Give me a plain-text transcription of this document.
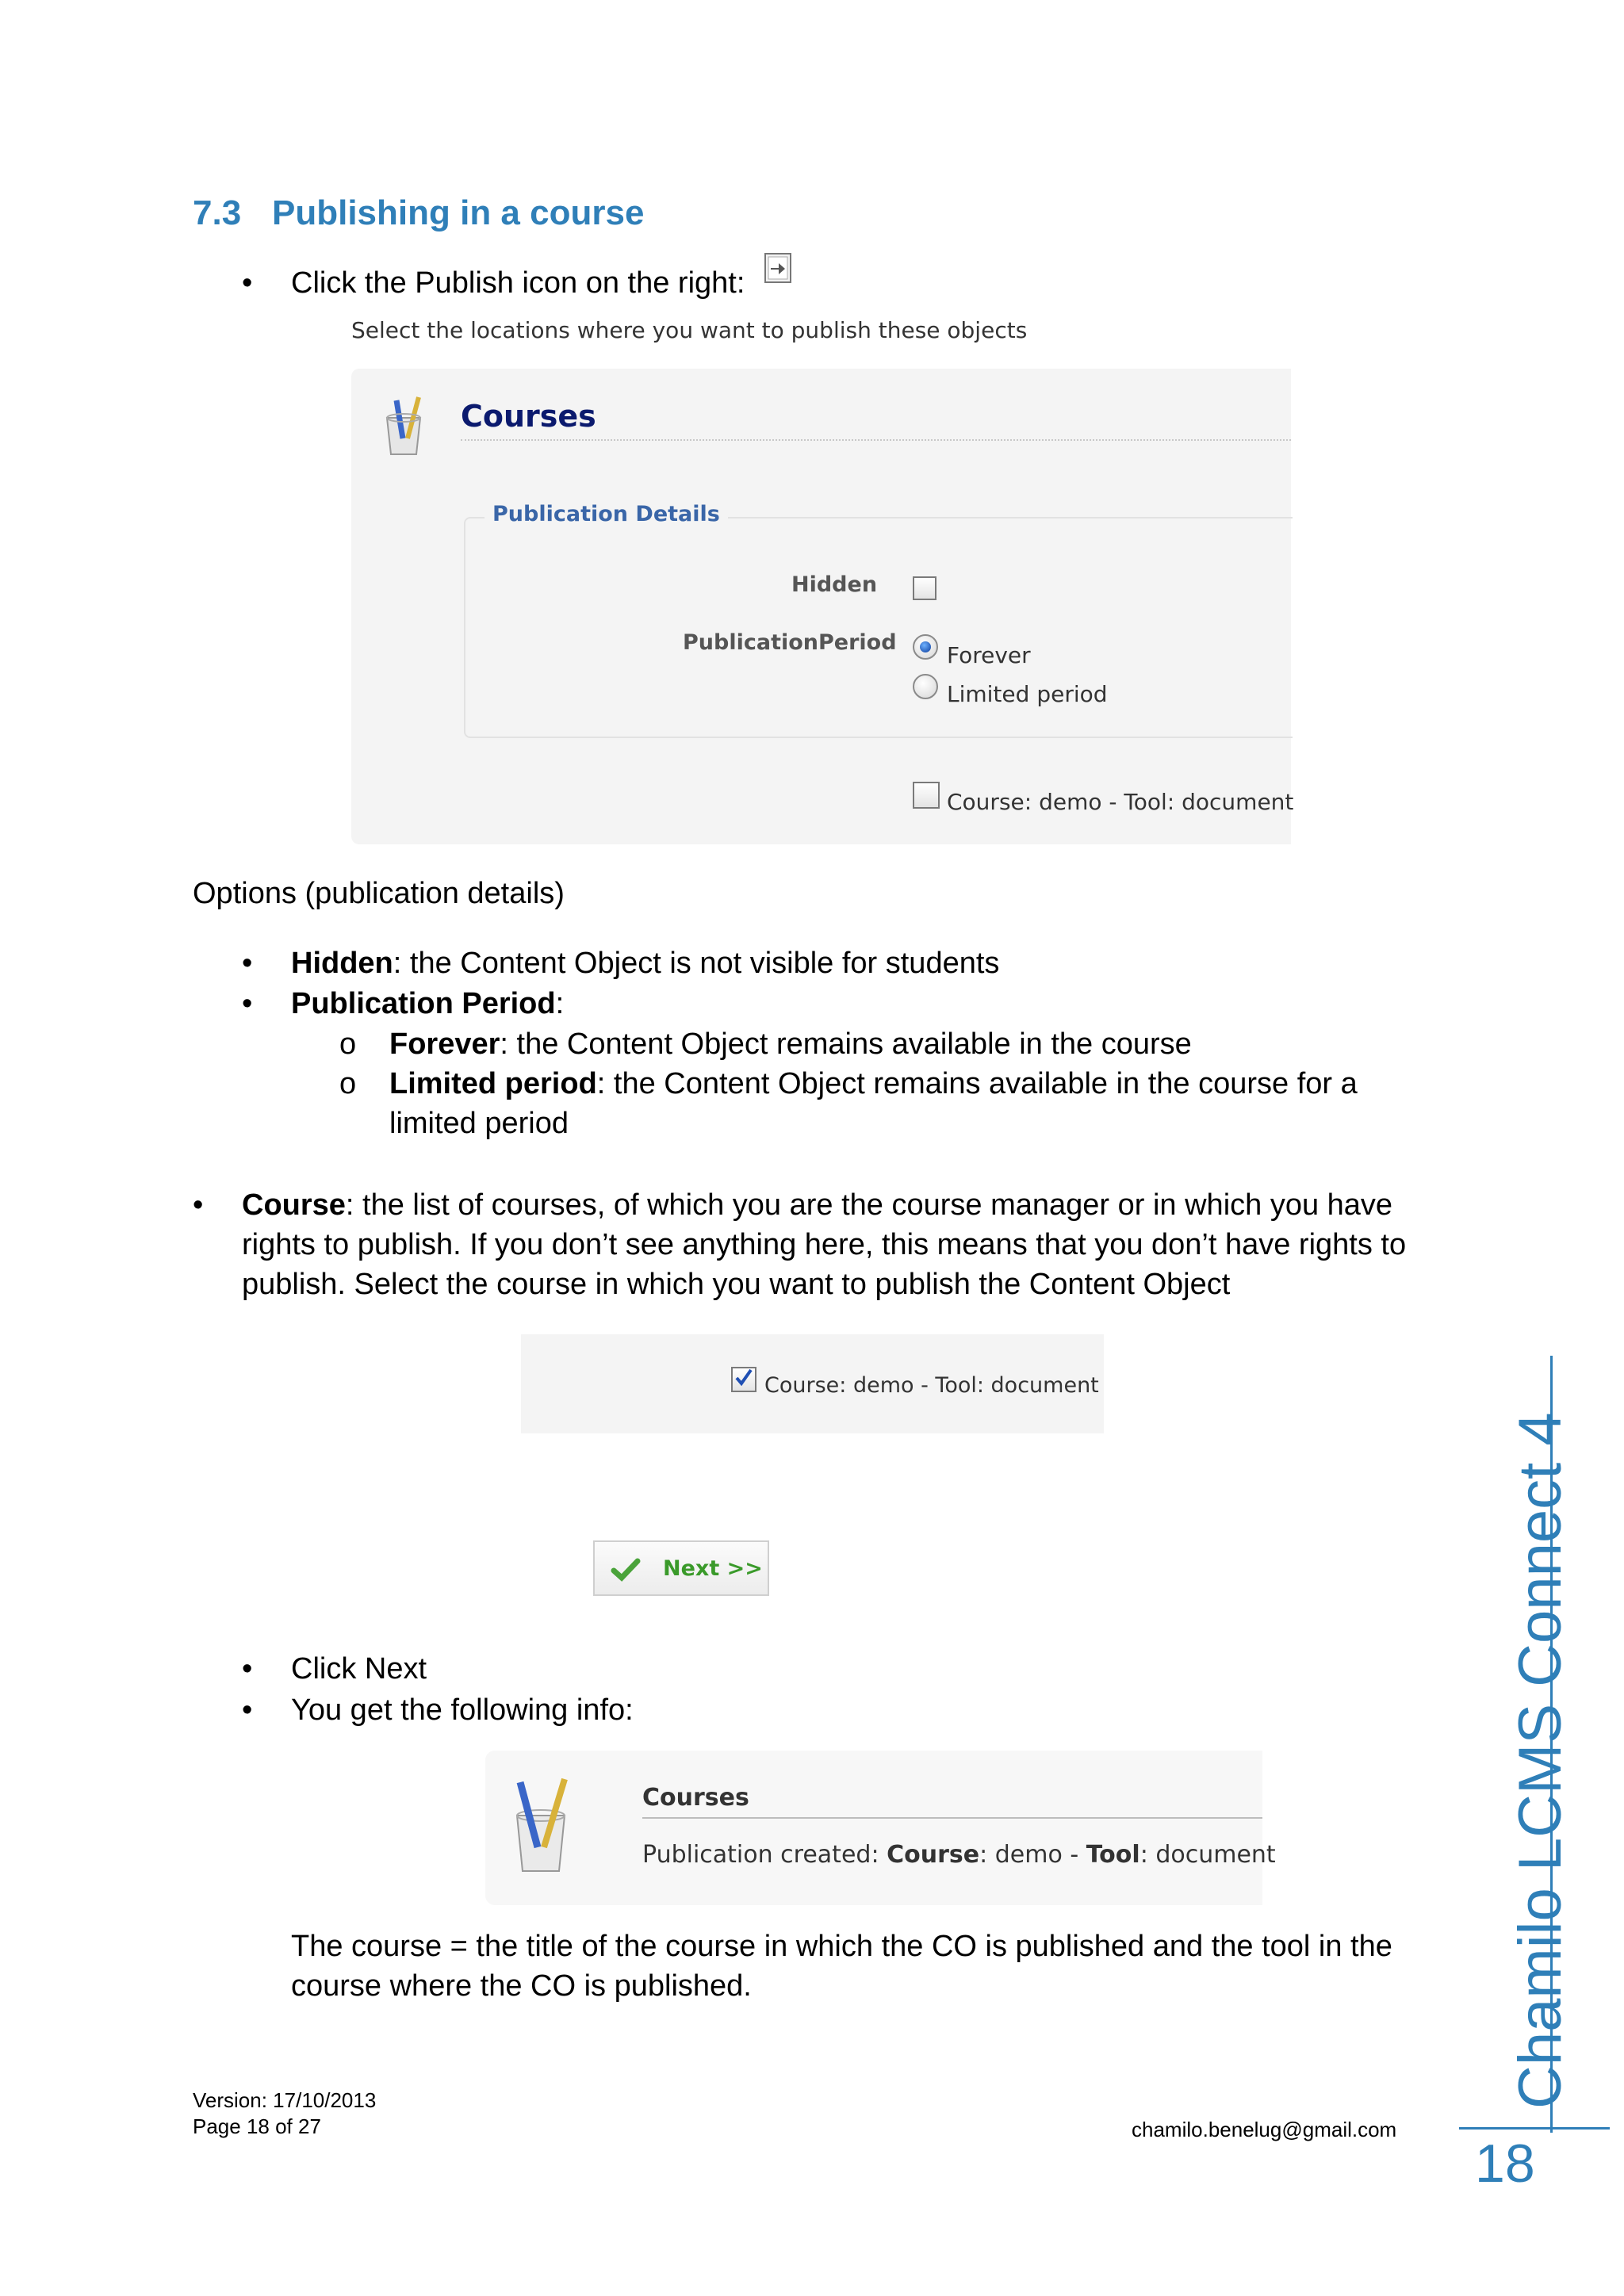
7.3 Publishing in a course
• Click the Publish icon on the right:
Select the locations where you want to publish these objects
Courses
Publication Details
Hidden
PublicationPeriod Forever
Limited period
Course: demo - Tool: document
Options (publication details)
• Hidden: the Content Object is not visible for students
• Publication Period:
o Forever: the Content Object remains available in the course
o Limited period: the Content Object remains available in the course for a
limited period
• Course: the list of courses, of which you are the course manager or in which you have
rights to publish. If you don’t see anything here, this means that you don’t have rights to
publish. Select the course in which you want to publish the Content Object
Course: demo - Tool: document
Next >>
• Click Next
• You get the following info:
Courses
Publication created: Course: demo - Tool: document
The course = the title of the course in which the CO is published and the tool in the
course where the CO is published.
Version: 17/10/2013
Page 18 of 27	chamilo.benelug@gmail.com
Chamilo LCMS Connect 4
18
